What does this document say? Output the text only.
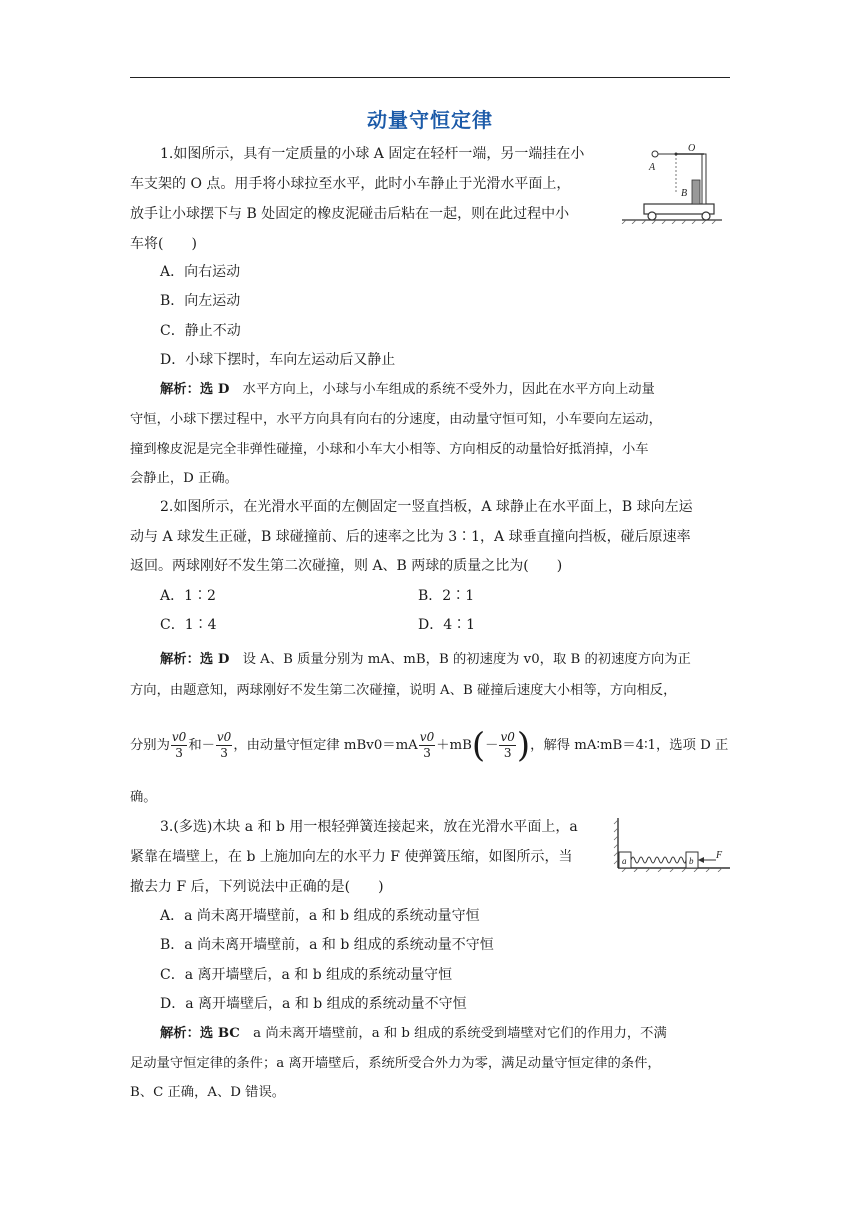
动量守恒定律
1.如图所示，具有一定质量的小球 A 固定在轻杆一端，另一端挂在小
车支架的 O 点。用手将小球拉至水平，此时小车静止于光滑水平面上，
放手让小球摆下与 B 处固定的橡皮泥碰击后粘在一起，则在此过程中小
车将(　　)
O
A
B
A．向右运动
B．向左运动
C．静止不动
D．小球下摆时，车向左运动后又静止
解析：选 D　水平方向上，小球与小车组成的系统不受外力，因此在水平方向上动量
守恒，小球下摆过程中，水平方向具有向右的分速度，由动量守恒可知，小车要向左运动，
撞到橡皮泥是完全非弹性碰撞，小球和小车大小相等、方向相反的动量恰好抵消掉，小车
会静止，D 正确。
2.如图所示，在光滑水平面的左侧固定一竖直挡板，A 球静止在水平面上，B 球向左运
动与 A 球发生正碰，B 球碰撞前、后的速率之比为 3∶1，A 球垂直撞向挡板，碰后原速率
返回。两球刚好不发生第二次碰撞，则 A、B 两球的质量之比为(　　)
A．1∶2	B．2∶1
C．1∶4	D．4∶1
解析：选 D　设 A、B 质量分别为 mA、mB，B 的初速度为 v0，取 B 的初速度方向为正
方向，由题意知，两球刚好不发生第二次碰撞，说明 A、B 碰撞后速度大小相等，方向相反，
分别为 $\frac{v0}{3}$ 和－ $\frac{v0}{3}$ ，由动量守恒定律 $mBv0=mA \frac{v0}{3} +mB(- \frac{v0}{3}$ )，解得 mA∶mB＝4∶1，选项 D 正
确。
3.(多选)木块 a 和 b 用一根轻弹簧连接起来，放在光滑水平面上，a
紧靠在墙壁上，在 b 上施加向左的水平力 F 使弹簧压缩，如图所示，当
撤去力 F 后，下列说法中正确的是(　　)
a	b F
A．a 尚未离开墙壁前，a 和 b 组成的系统动量守恒
B．a 尚未离开墙壁前，a 和 b 组成的系统动量不守恒
C．a 离开墙壁后，a 和 b 组成的系统动量守恒
D．a 离开墙壁后，a 和 b 组成的系统动量不守恒
解析：选 BC　a 尚未离开墙壁前，a 和 b 组成的系统受到墙壁对它们的作用力，不满
足动量守恒定律的条件；a 离开墙壁后，系统所受合外力为零，满足动量守恒定律的条件，
B、C 正确，A、D 错误。
